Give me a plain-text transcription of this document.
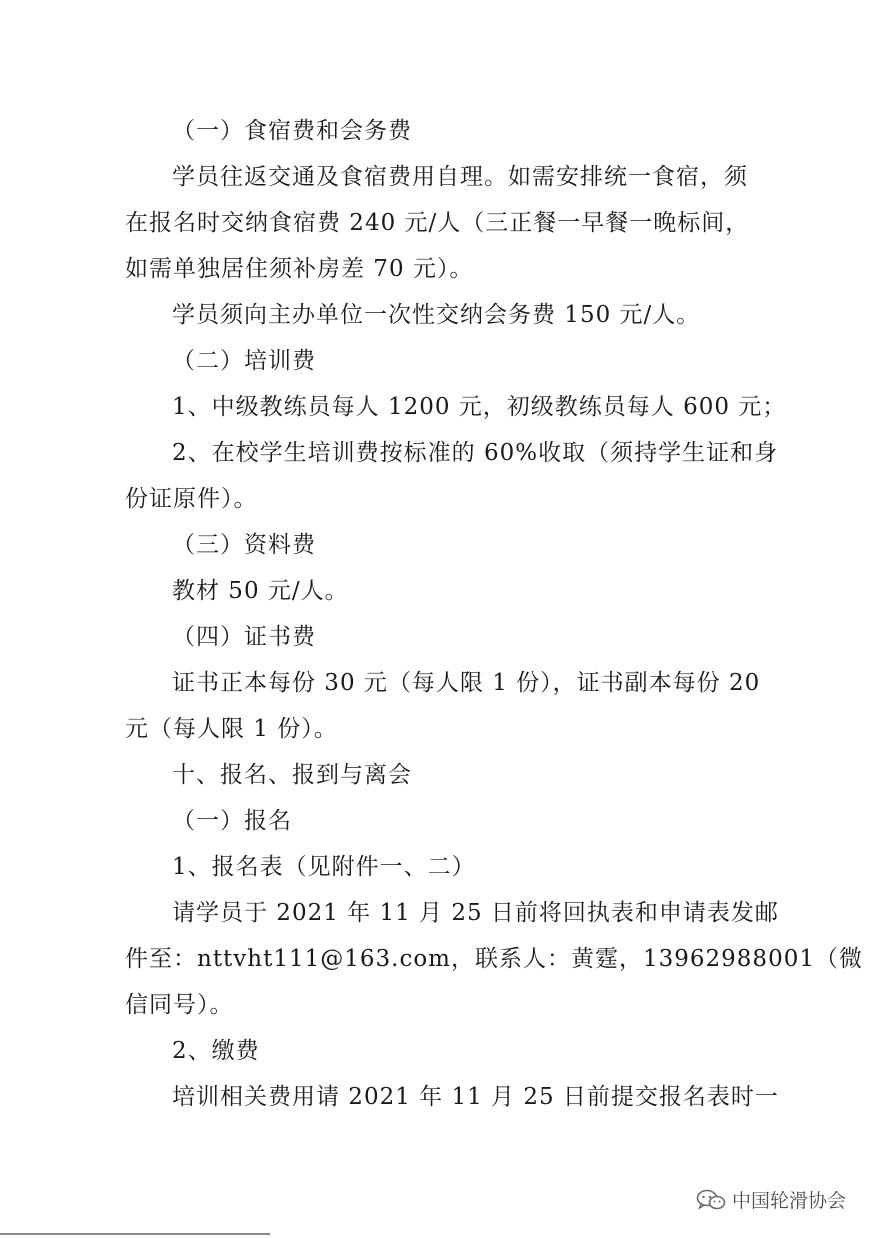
（一）食宿费和会务费
学员往返交通及食宿费用自理。如需安排统一食宿，须
在报名时交纳食宿费 240 元/人（三正餐一早餐一晚标间，
如需单独居住须补房差 70 元）。
学员须向主办单位一次性交纳会务费 150 元/人。
（二）培训费
1、中级教练员每人 1200 元，初级教练员每人 600 元；
2、在校学生培训费按标准的 60%收取（须持学生证和身
份证原件）。
（三）资料费
教材 50 元/人。
（四）证书费
证书正本每份 30 元（每人限 1 份），证书副本每份 20
元（每人限 1 份）。
十、报名、报到与离会
（一）报名
1、报名表（见附件一、二）
请学员于 2021 年 11 月 25 日前将回执表和申请表发邮
件至：nttvht111@163.com，联系人：黄霆，13962988001（微
信同号）。
2、缴费
培训相关费用请 2021 年 11 月 25 日前提交报名表时一
中国轮滑协会
